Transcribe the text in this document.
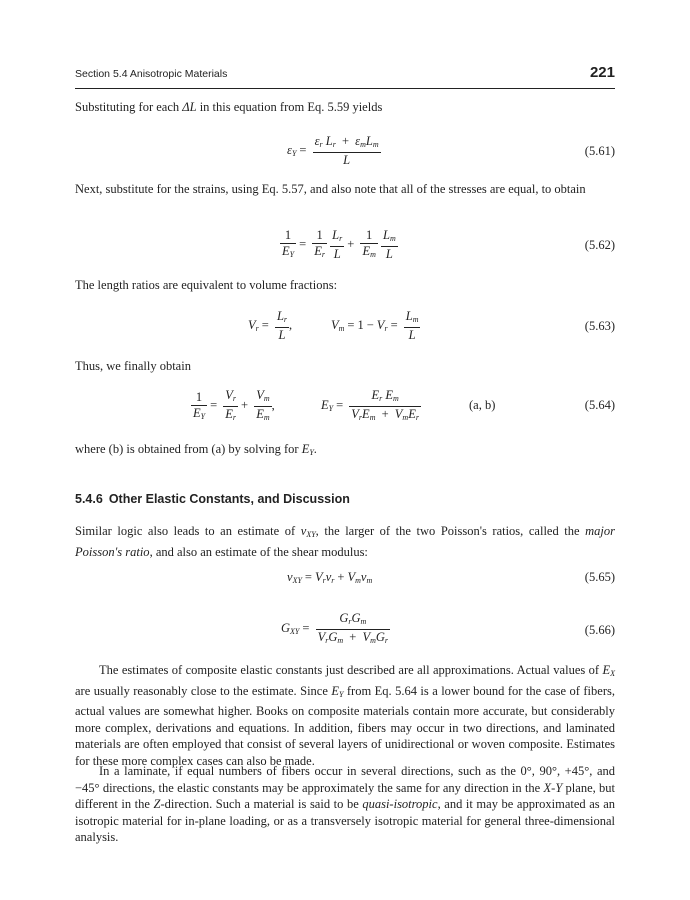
Section 5.4 Anisotropic Materials	221
Substituting for each ΔL in this equation from Eq. 5.59 yields
$\varepsilon_Y = \frac{\varepsilon_r L_r + \varepsilon_mL_m}{L}$	(5.61)
Next, substitute for the strains, using Eq. 5.57, and also note that all of the stresses are equal, to obtain
$\frac{1}{E_Y} = \frac{1}{E_r}$
$\frac{L_r}{L} + \frac{1}{E_m}$
$\frac{L_m}{L}$	(5.62)
The length ratios are equivalent to volume fractions:
$V_r = \frac{L_r}{L}$ ,	$V_m = 1 - V_r = \frac{L_m}{L}$	(5.63)
Thus, we finally obtain
$\frac{1}{E_Y} = \frac{V_r}{E_r} + \frac{V_m}{E_m}$ ,	$E_Y = \frac{E_r E_m}{V_rE_m + V_mE_r}$	(a, b)	(5.64)
where (b) is obtained from (a) by solving for $E_Y$.
5.4.6 Other Elastic Constants, and Discussion
Similar logic also leads to an estimate of $\nu_{XY}$, the larger of the two Poisson's ratios, called the major Poisson's ratio, and also an estimate of the shear modulus:
$\nu_{XY} = V_r\nu_r + V_m\nu_m$	(5.65)
$G_{XY} = \frac{G_rG_m}{V_rG_m + V_mG_r}$	(5.66)
The estimates of composite elastic constants just described are all approximations. Actual values of $E_X$ are usually reasonably close to the estimate. Since $E_Y$ from Eq. 5.64 is a lower bound for the case of fibers, actual values are somewhat higher. Books on composite materials contain more accurate, but considerably more complex, derivations and equations. In addition, fibers may occur in two directions, and laminated materials are often employed that consist of several layers of unidirectional or woven composite. Estimates for these more complex cases can also be made.
In a laminate, if equal numbers of fibers occur in several directions, such as the 0°, 90°, +45°, and −45° directions, the elastic constants may be approximately the same for any direction in the X-Y plane, but different in the Z-direction. Such a material is said to be quasi-isotropic, and it may be approximated as an isotropic material for in-plane loading, or as a transversely isotropic material for general three-dimensional analysis.
